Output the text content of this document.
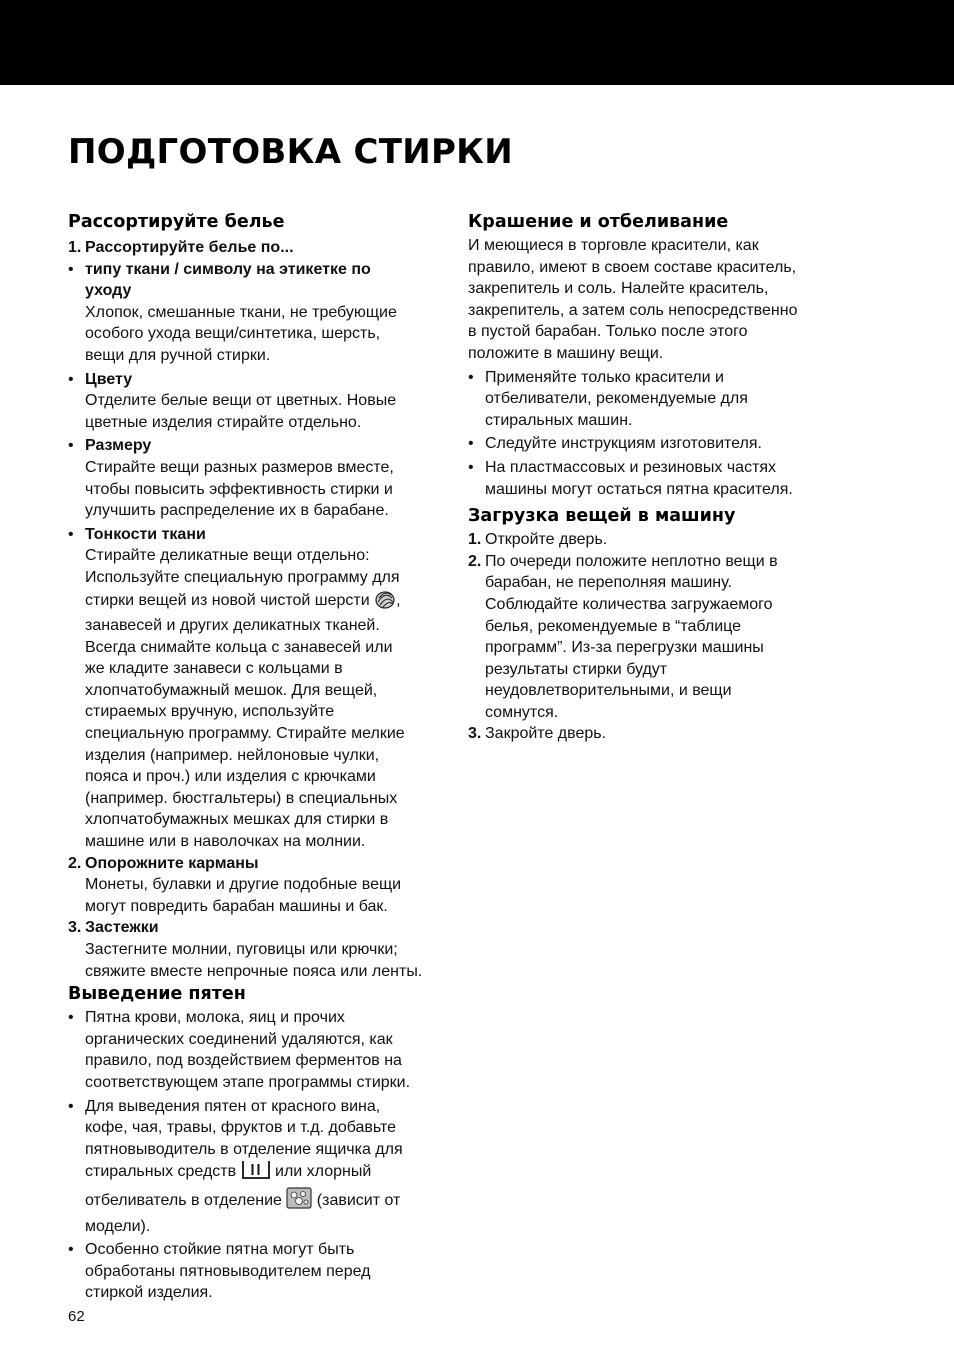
ПОДГОТОВКА СТИРКИ
Рассортируйте белье
1. Рассортируйте белье по...

• типу ткани / символу на этикетке по

уходу

Хлопок, смешанные ткани, не требующие

особого ухода вещи/синтетика, шерсть,

вещи для ручной стирки.

• Цвету

Отделите белые вещи от цветных. Новые

цветные изделия стирайте отдельно.

• Размеру

Стирайте вещи разных размеров вместе,

чтобы повысить эффективность стирки и

улучшить распределение их в барабане.

• Тонкости ткани

Стирайте деликатные вещи отдельно:

Используйте специальную программу для

стирки вещей из новой чистой шерсти ,

занавесей и других деликатных тканей.

Всегда снимайте кольца с занавесей или

же кладите занавеси с кольцами в

хлопчатобумажный мешок. Для вещей,

стираемых вручную, используйте

специальную программу. Стирайте мелкие

изделия (например. нейлоновые чулки,

пояса и проч.) или изделия с крючками

(например. бюстгальтеры) в специальных

хлопчатобумажных мешках для стирки в

машине или в наволочках на молнии.

2. Опорожните карманы

Монеты, булавки и другие подобные вещи

могут повредить барабан машины и бак.

3. Застежки

Застегните молнии, пуговицы или крючки;

свяжите вместе непрочные пояса или ленты.

Выведение пятен
• Пятна крови, молока, яиц и прочих

органических соединений удаляются, как

правило, под воздействием ферментов на

соответствующем этапе программы стирки.

• Для выведения пятен от красного вина,

кофе, чая, травы, фруктов и т.д. добавьте

пятновыводитель в отделение ящичка для

стиральных средств  или хлорный

отбеливатель в отделение  (зависит от

модели).

• Особенно стойкие пятна могут быть

обработаны пятновыводителем перед

стиркой изделия.

Крашение и отбеливание

И меющиеся в торговле красители, как

правило, имеют в своем составе краситель,

закрепитель и соль. Налейте краситель,

закрепитель, а затем соль непосредственно

в пустой барабан. Только после этого

положите в машину вещи.

• Применяйте только красители и

отбеливатели, рекомендуемые для

стиральных машин.

• Следуйте инструкциям изготовителя.

• На пластмассовых и резиновых частях

машины могут остаться пятна красителя.

Загрузка вещей в машину
1. Откройте дверь.

2. По очереди положите неплотно вещи в

барабан, не переполняя машину.

Соблюдайте количества загружаемого

белья, рекомендуемые в “таблице

программ”. Из-за перегрузки машины

результаты стирки будут

неудовлетворительными, и вещи

сомнутся.

3. Закройте дверь.

62
